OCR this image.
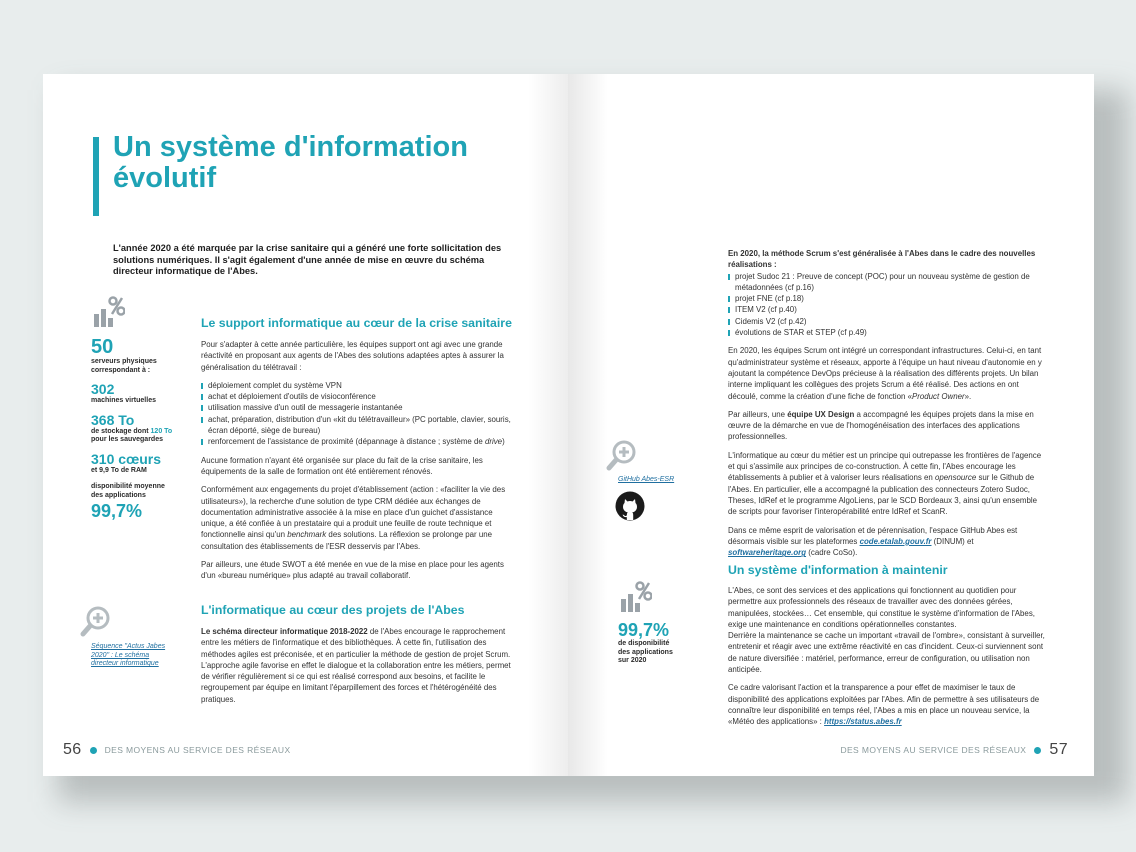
Un système d'information évolutif

L'année 2020 a été marquée par la crise sanitaire qui a généré une forte sollicitation des solutions numériques. Il s'agit également d'une année de mise en œuvre du schéma directeur informatique de l'Abes.

50
serveurs physiques correspondant à :
302
machines virtuelles
368 To
de stockage dont 120 To pour les sauvegardes
310 cœurs
et 9,9 To de RAM
disponibilité moyenne des applications
99,7%
Le support informatique au cœur de la crise sanitaire

Pour s'adapter à cette année particulière, les équipes support ont agi avec une grande réactivité en proposant aux agents de l'Abes des solutions adaptées aptes à assurer la généralisation du télétravail :

déploiement complet du système VPN
achat et déploiement d'outils de visioconférence
utilisation massive d'un outil de messagerie instantanée
achat, préparation, distribution d'un «kit du télétravailleur» (PC portable, clavier, souris, écran déporté, siège de bureau)
renforcement de l'assistance de proximité (dépannage à distance ; système de drive)

Aucune formation n'ayant été organisée sur place du fait de la crise sanitaire, les équipements de la salle de formation ont été entièrement rénovés.

Conformément aux engagements du projet d'établissement (action : «faciliter la vie des utilisateurs»), la recherche d'une solution de type CRM dédiée aux échanges de documentation administrative associée à la mise en place d'un guichet d'assistance unique, a été confiée à un prestataire qui a produit une feuille de route technique et fonctionnelle ainsi qu'un benchmark des solutions. La réflexion se prolonge par une consultation des établissements de l'ESR desservis par l'Abes.

Par ailleurs, une étude SWOT a été menée en vue de la mise en place pour les agents d'un «bureau numérique» plus adapté au travail collaboratif.

L'informatique au cœur des projets de l'Abes

Le schéma directeur informatique 2018-2022 de l'Abes encourage le rapprochement entre les métiers de l'informatique et des bibliothèques. À cette fin, l'utilisation des méthodes agiles est préconisée, et en particulier la méthode de gestion de projet Scrum. L'approche agile favorise en effet le dialogue et la collaboration entre les métiers, permet de vérifier régulièrement si ce qui est réalisé correspond aux besoins, et facilite le regroupement par équipe en limitant l'éparpillement des forces et l'hétérogénéité des pratiques.

Séquence "Actus Jabes 2020" : Le schéma directeur informatique
56	DES MOYENS AU SERVICE DES RÉSEAUX

En 2020, la méthode Scrum s'est généralisée à l'Abes dans le cadre des nouvelles réalisations :

projet Sudoc 21 : Preuve de concept (POC) pour un nouveau système de gestion de métadonnées (cf p.16)
projet FNE (cf p.18)
ITEM V2 (cf p.40)
Cidemis V2 (cf p.42)
évolutions de STAR et STEP (cf p.49)

En 2020, les équipes Scrum ont intégré un correspondant infrastructures. Celui-ci, en tant qu'administrateur système et réseaux, apporte à l'équipe un haut niveau d'autonomie en y ajoutant la compétence DevOps précieuse à la réalisation des différents projets. Un bilan interne impliquant les collègues des projets Scrum a été réalisé. Des actions en ont découlé, comme la création d'une fiche de fonction «Product Owner».

Par ailleurs, une équipe UX Design a accompagné les équipes projets dans la mise en œuvre de la démarche en vue de l'homogénéisation des interfaces des applications professionnelles.

L'informatique au cœur du métier est un principe qui outrepasse les frontières de l'agence et qui s'assimile aux principes de co-construction. À cette fin, l'Abes encourage les établissements à publier et à valoriser leurs réalisations en opensource sur le Github de l'Abes. En particulier, elle a accompagné la publication des connecteurs Zotero Sudoc, Theses, IdRef et le programme AlgoLiens, par le SCD Bordeaux 3, ainsi qu'un ensemble de scripts pour favoriser l'interopérabilité entre IdRef et ScanR.

Dans ce même esprit de valorisation et de pérennisation, l'espace GitHub Abes est désormais visible sur les plateformes code.etalab.gouv.fr (DINUM) et softwareheritage.org (cadre CoSo).

Un système d'information à maintenir

L'Abes, ce sont des services et des applications qui fonctionnent au quotidien pour permettre aux professionnels des réseaux de travailler avec des données gérées, manipulées, stockées… Cet ensemble, qui constitue le système d'information de l'Abes, exige une maintenance en conditions opérationnelles constantes.

Derrière la maintenance se cache un important «travail de l'ombre», consistant à surveiller, entretenir et réagir avec une extrême réactivité en cas d'incident. Ceux-ci surviennent sont de nature diversifiée : matériel, performance, erreur de configuration, ou utilisation non anticipée.

Ce cadre valorisant l'action et la transparence a pour effet de maximiser le taux de disponibilité des applications exploitées par l'Abes. Afin de permettre à ses utilisateurs de connaître leur disponibilité en temps réel, l'Abes a mis en place un nouveau service, la «Météo des applications» : https://status.abes.fr

GitHub Abes-ESR
99,7%
de disponibilité des applications sur 2020
DES MOYENS AU SERVICE DES RÉSEAUX 57
